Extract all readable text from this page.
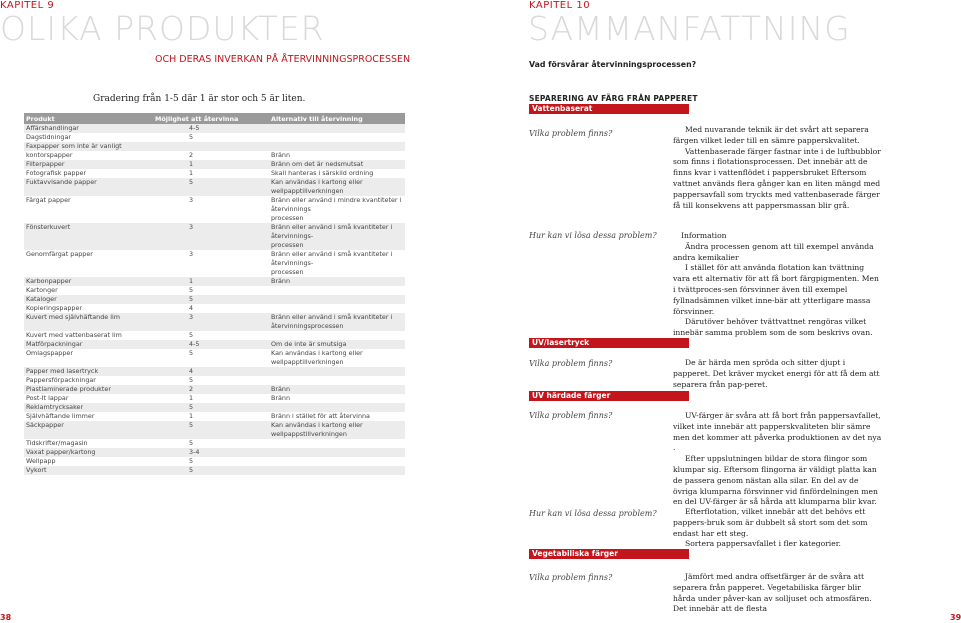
KAPITEL 9
OLIKA PRODUKTER
OCH DERAS INVERKAN PÅ ÅTERVINNINGSPROCESSEN
Gradering från 1-5 där 1 är stor och 5 är liten.
Produkt	Möjlighet att återvinna	Alternativ till återvinning
Affärshandlingar	4-5	
Dagstidningar	5	
Faxpapper som inte är vanligt		
kontorspapper	2	Bränn
Filterpapper	1	Bränn om det är nedsmutsat
Fotografisk papper	1	Skall hanteras i särskild ordning
Fuktavvisande papper	5	Kan användas i kartong eller wellpapptillverkningen
Färgat papper	3	Bränn eller använd i mindre kvantiteter i återvinnings
		processen
Fönsterkuvert	3	Bränn eller använd i små kvantiteter i återvinnings-
		processen
Genomfärgat papper	3	Bränn eller använd i små kvantiteter i återvinnings-
		processen
Karbonpapper	1	Bränn
Kartonger	5	
Kataloger	5	
Kopieringspapper	4	
Kuvert med självhäftande lim	3	Bränn eller använd i små kvantiteter i
		återvinningsprocessen
Kuvert med vattenbaserat lim	5	
Matförpackningar	4-5	Om de inte är smutsiga
Omlagspapper	5	Kan användas i kartong eller wellpapptillverkningen
Papper med lasertryck	4	
Pappersförpackningar	5	
Plastlaminerade produkter	2	Bränn
Post-It lappar	1	Bränn
Reklamtrycksaker	5	
Självhäftande limmer	1	Bränn i stället för att återvinna
Säckpapper	5	Kan användas i kartong eller wellpappstillverkningen
Tidskrifter/magasin	5	
Vaxat papper/kartong	3-4	
Wellpapp	5	
Vykort	5	
38
KAPITEL 10
SAMMANFATTNING
Vad försvårar återvinningsprocessen?
SEPARERING AV FÄRG FRÅN PAPPERET
Vattenbaserat
Vilka problem finns?	Med nuvarande teknik är det svårt att separera färgen vilket leder till en sämre papperskvalitet.
Vattenbaserade färger fastnar inte i de luftbubblor som finns i flotationsprocessen. Det innebär att de finns kvar i vattenflödet i pappersbruket Eftersom vattnet används flera gånger kan en liten mängd med pappersavfall som tryckts med vattenbaserade färger få till konsekvens att pappersmassan blir grå.
Hur kan vi lösa dessa problem?	Information
Ändra processen genom att till exempel använda andra kemikalier
I stället för att använda flotation kan tvättning vara ett alternativ för att få bort färgpigmenten. Men i tvättproces-sen försvinner även till exempel fyllnadsämnen vilket inne-bär att ytterligare massa försvinner.
Därutöver behöver tvättvattnet rengöras vilket innebär samma problem som de som beskrivs ovan.
UV/lasertryck
Vilka problem finns?	De är härda men spröda och sitter djupt i papperet. Det kräver mycket energi för att få dem att separera från pap-peret.
UV härdade färger
Vilka problem finns?	UV-färger är svåra att få bort från pappersavfallet, vilket inte innebär att papperskvaliteten blir sämre men det kommer att påverka produktionen av det nya .
Efter uppslutningen bildar de stora flingor som klumpar sig. Eftersom flingorna är väldigt platta kan de passera genom nästan alla silar. En del av de övriga klumparna försvinner vid finfördelningen men en del UV-färger är så hårda att klumparna blir kvar.
Hur kan vi lösa dessa problem?	Efterflotation, vilket innebär att det behövs ett pappers-bruk som är dubbelt så stort som det som endast har ett steg.
Sortera pappersavfallet i fler kategorier.
Vegetabiliska färger
Vilka problem finns?	Jämfört med andra offsetfärger är de svåra att separera från papperet. Vegetabiliska färger blir hårda under påver-kan av solljuset och atmosfären. Det innebär att de flesta
39
